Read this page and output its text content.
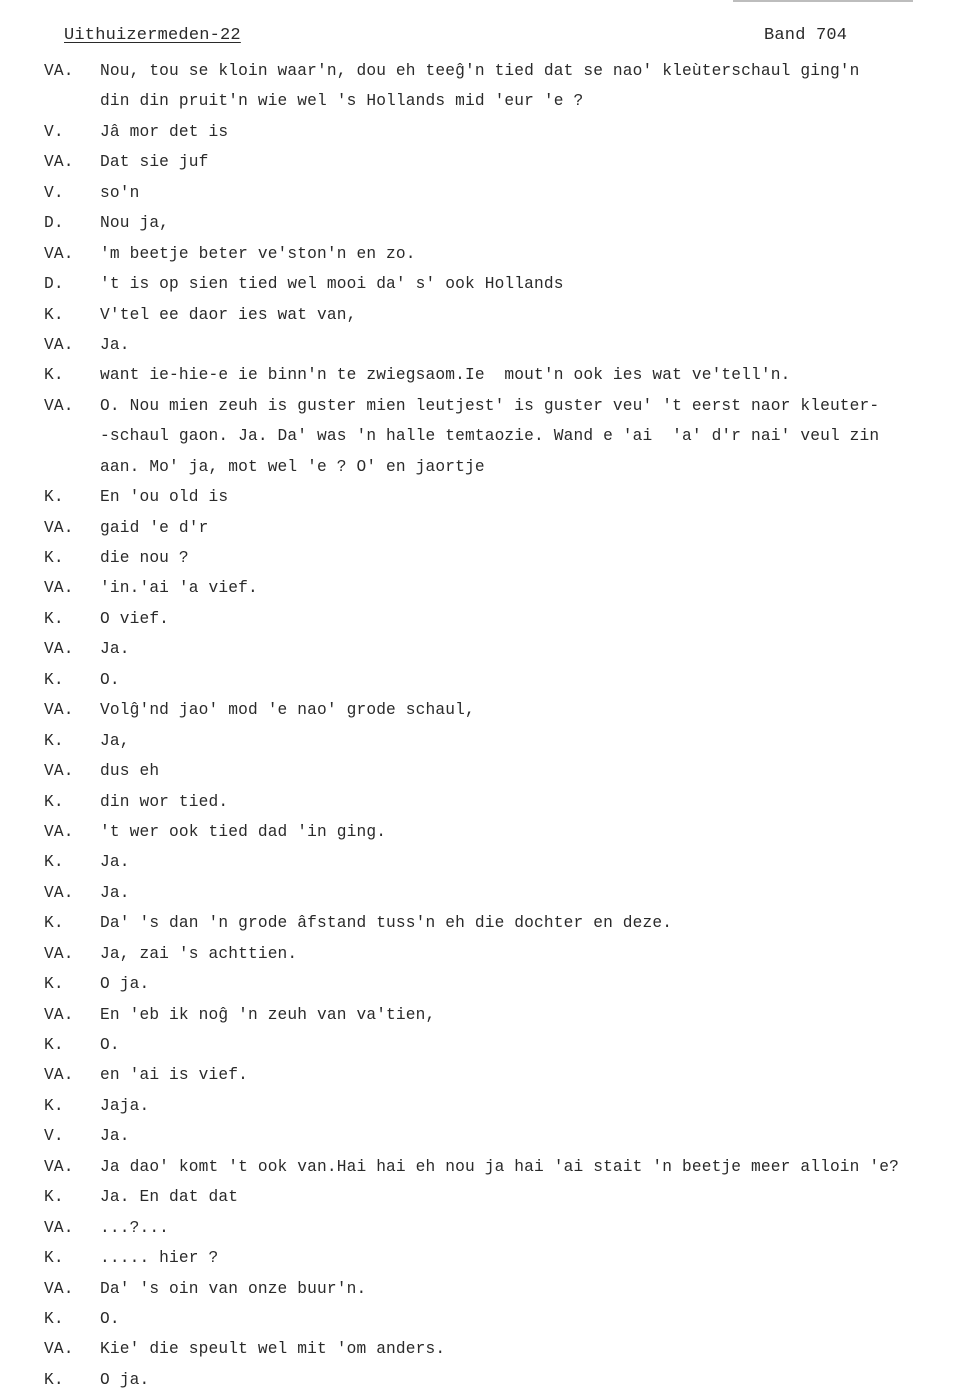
Uithuizermeden-22	Band 704
VA. Nou, tou se kloin waar'n, dou eh teeĝ'n tied dat se nao' kleùterschaul ging'n
din din pruit'n wie wel 's Hollands mid 'eur 'e ?
V. Jâ mor det is
VA. Dat sie juf
V. so'n
D. Nou ja,
VA. 'm beetje beter ve'ston'n en zo.
D. 't is op sien tied wel mooi da' s' ook Hollands
K. V'tel ee daor ies wat van,
VA. Ja.
K. want ie-hie-e ie binn'n te zwiegsaom.Ie  mout'n ook ies wat ve'tell'n.
VA. O. Nou mien zeuh is guster mien leutjest' is guster veu' 't eerst naor kleuter-
-schaul gaon. Ja. Da' was 'n halle temtaozie. Wand e 'ai  'a' d'r nai' veul zin
aan. Mo' ja, mot wel 'e ? O' en jaortje
K. En 'ou old is
VA. gaid 'e d'r
K. die nou ?
VA. 'in.'ai 'a vief.
K. O vief.
VA. Ja.
K. O.
VA. Volĝ'nd jao' mod 'e nao' grode schaul,
K. Ja,
VA. dus eh
K. din wor tied.
VA. 't wer ook tied dad 'in ging.
K. Ja.
VA. Ja.
K. Da' 's dan 'n grode âfstand tuss'n eh die dochter en deze.
VA. Ja, zai 's achttien.
K. O ja.
VA. En 'eb ik noĝ 'n zeuh van va'tien,
K. O.
VA. en 'ai is vief.
K. Jaja.
V. Ja.
VA. Ja dao' komt 't ook van.Hai hai eh nou ja hai 'ai stait 'n beetje meer alloin 'e?
K. Ja. En dat dat
VA. ...?...
K. ..... hier ?
VA. Da' 's oin van onze buur'n.
K. O.
VA. Kie' die speult wel mit 'om anders.
K. O ja.
